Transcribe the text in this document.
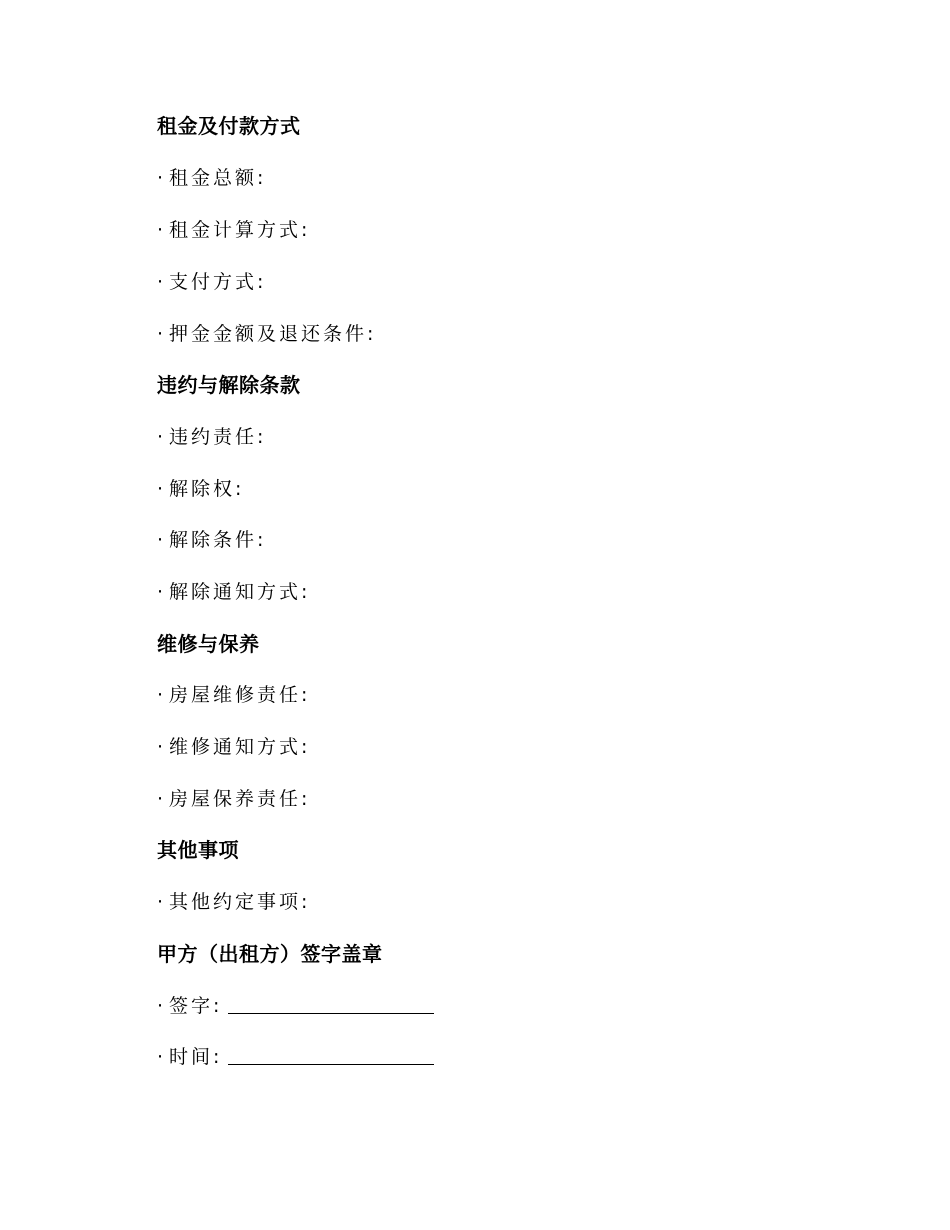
租金及付款方式
· 租金总额:
· 租金计算方式:
· 支付方式:
· 押金金额及退还条件:
违约与解除条款
· 违约责任:
· 解除权:
· 解除条件:
· 解除通知方式:
维修与保养
· 房屋维修责任:
· 维修通知方式:
· 房屋保养责任:
其他事项
· 其他约定事项:
甲方（出租方）签字盖章
· 签字:
· 时间:
